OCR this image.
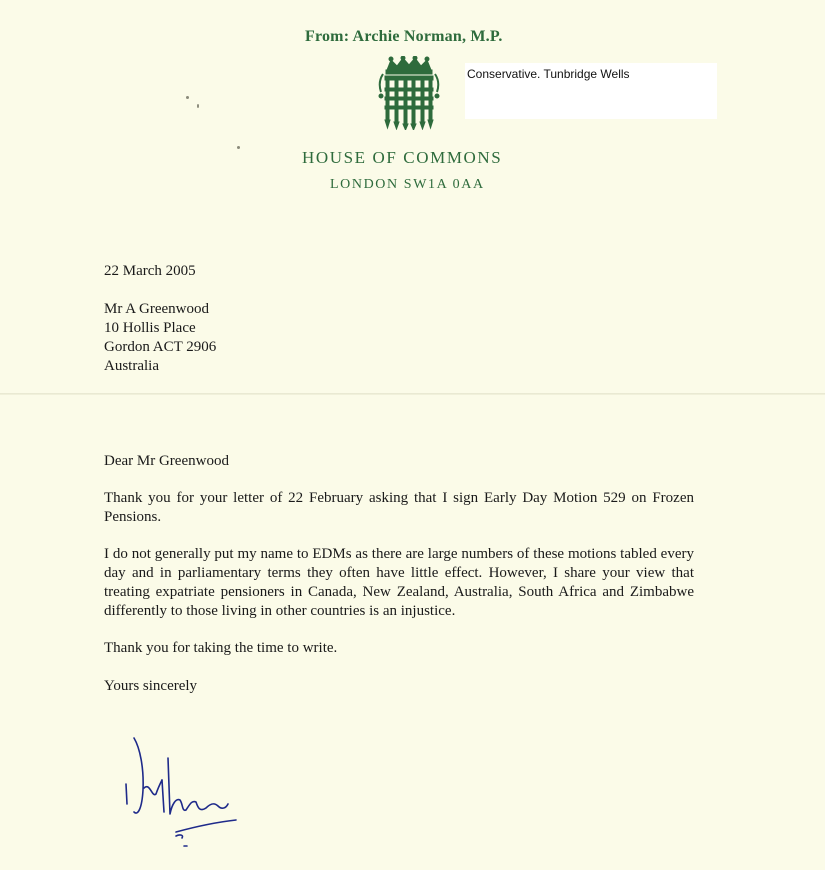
From: Archie Norman, M.P.
Conservative. Tunbridge Wells
HOUSE OF COMMONS
LONDON SW1A 0AA
22 March 2005
Mr A Greenwood
10 Hollis Place
Gordon ACT 2906
Australia
Dear Mr Greenwood
Thank you for your letter of 22 February asking that I sign Early Day Motion 529 on Frozen Pensions.
I do not generally put my name to EDMs as there are large numbers of these motions tabled every day and in parliamentary terms they often have little effect. However, I share your view that treating expatriate pensioners in Canada, New Zealand, Australia, South Africa and Zimbabwe differently to those living in other countries is an injustice.
Thank you for taking the time to write.
Yours sincerely
